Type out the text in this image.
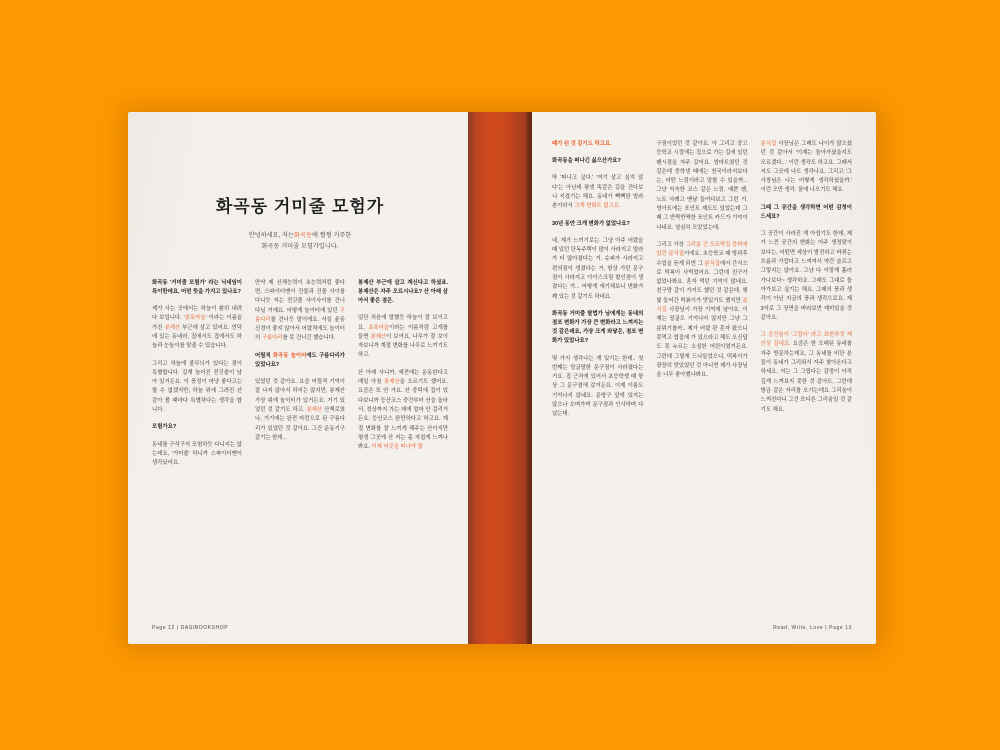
화곡동 거미줄 모험가
안녕하세요, 저는화곡동에 쩔쩡 거주한
화곡동 거미줄 모험가입니다.

화곡동 '거미줄 모험가' 라는 닉네임이 특이한데요, 어떤 뜻을 가지고 있나요?

제가 사는 곳에서는 하늘이 훤히 내려다 보입니다. '봉룩마을' 이라는 이름을 가진 봉제산 부근에 살고 있어요. 언덕에 있는 동네라, 집에서도 집에서도 하늘과 눈높이를 맞출 수 있습니다.

그리고 하늘에 줄무늬가 있다는 점이 특별합니다. 길게 늘어진 전깃줄이 남아 있거든요. 이 풍경이 마냥 좋다고는 할 수 없겠지만, 하늘 위에 그려진 선 같아 볼 때마다 특별하다는 생각을 합니다.

모험가요?

동네를 구석구석 모험하듯 다니지는 않는데요, '거미줄' 하니까 스파이더맨이 생각났어요.

만약 제 신체능력이 초능력처럼 좋다면, 스파이더맨이 건물과 건물 사이를 다니듯 저는 전깃줄 사이사이를 건너 다닐 거예요. 어떻게 놀이터에 있던 구름다리를 건너듯 말이에요. 사실 윤동 신경이 좋지 않아서 어렸적에도 놀이터의 구름다리를 못 건너긴 했습니다.

어릴적 화곡동 놀이터에도 구름다리가 있었나요?

있었던 것 같아요. 요즘 어릴적 기억이 잘 나지 않아서 하지는 않지만, 봉제산 가장 위에 놀이터가 있거든요. 거기 있었던 것 같기도 하고. 봉제산 산책로였나, 거기에는 완전 마련으로 된 구름다리가 있었던 것 같아요. 그건 운동기구 같기는 한데...

봉제산 부근에 살고 계신다고 하셨죠. 봉제산은 자주 오르시나요? 산 아래 살아서 좋은 점은.

일단 처음에 말했듯 하늘이 잘 보이고요, 초록마을이라는 이름처럼 고개를 들면 봉제산이 보여요, 나무가 잘 보이자보니까 계절 변화를 나무로 느끼기도 하고.

산 아래 사니까, 예전에는 운동한다고 매일 아침 봉제산을 오르기도 했어요. 요즘은 또 안 가요. 산 중턱에 집이 있다보니까 등산코스 중간부터 산을 올라서, 정상까지 가는 데에 얼마 안 걸리거든요. 등산코스 완만하다고 하고요. 계절 변화를 잘 느끼게 해주는 산이지만 평생 그곳에 산 저는 좀 지겹게 느껴나봐요. 이제 어곳을 떠나야 할

Page 12 | DASIBOOKSHOP

때가 된 것 같기도 하고요.

화곡동을 떠나긴 싫으산가요?

딱 '떠나고 싶다.' '여기 살고 싶지 않다'는 아닌데 평생 똑같은 길을 건다보니 지겹기는 해요. 동네가 빽빽한 빌라촌이라서 크게 변화도 없고요.

30년 동안 크게 변화가 없었나요?

네, 제가 느끼기로는. 그냥 아주 어렸을 때 있던 단독주택이 많이 사라지고 빌라가 더 많아졌다는 거. 슈퍼가 사라지고 편의점이 생겼다는 거, 항상 가던 문구점이 사라지고 아이스크림 할인점이 생겼다는 거... 어떻게 얘기해보니 변화가 꽤 있는 것 같기도 하네요.

화곡동 거미줄 탈법가 님에게는 동네의 점포 변화가 가장 큰 변화라고 느껴지는 것 같은데요, 가장 크게 와닿은, 점포 변화가 있었나요?

몇 가지 생각나는 게 있기는 한데.. 첫 번째는 망글말한 문구점이 사라졌다는 거요. 집 근처에 있어서 초등학생 때 항상 그 문구점에 갔거든요. 이제 이름도 기억나지 않네요. 문방구 앞에 있지는 않으나 오며가며 문구점과 인사하며 다녔는데.

구점이었던 것 같아요. 아 그리고 중고등학교 시절에는 집으로 가는 길에 있던 팬시점을 자주 갔어요. 엄마트였던 것 같은데 중학생 때에는 천국이라지보다는, 어떤 느낌이라고 말할 수 있을까... 그냥 익숙한 코스 같은 느낌. 예쁜 펜, 노트 사례고 맨날 들여다보고 그런 거. 영아트에는 포인트 제도도 있었는데 그때 그 반짝반짝한 포인트 카드가 기억이 나네요. 열심히 모았었는데.

그리고 가장 그리운 건 모르막길 중턱에 있던 분식집이에요. 초등학교 때 방과후 수업을 듣게 되면 그 분식집에서 간식으로 떡복이 사먹었어요. 그런데 친구가 없었나봐요. 혼자 먹던 기억이 많네요. 친구랑 같이 가거도 했던 것 같은데. 햇빛 들어간 떡볶이가 맛있기도 했지만 분식집 사장님이 가장 기억에 남아요. 이제는 얼굴도 기억나지 않지만 그냥 그 분위기를까.. 제가 어렸 판 혼자 왔으니 못먹고 엽집에 가 있으라고 해도 오신답도 못 누르는 소심한 어린이였거든요. 그런데 그렇게 드나들었으니, 떡복이가 광장히 맛있었던 것 아니면 제가 사장님을 너무 좋아했나봐요.

분식집 사장님은 그래도 나이가 많으셨던 것 같아서 '이제는 돌아가셨을지도 모르겠다...' 이런 생각도 하고요. 그래서 저도 그곳에 나도 생각나요. 그리고 '그 사장님은 나는 어떻게 생각하셨을까.' 이런 오만 생각. 꿈에 나오기도 해요.

그때 그 공간을 생각하면 어떤 감정이 드세요?

그 공간이 사라진 게 아쉽기도 한데, 제가 느낀 공간의 변화는 아주 생정맞기 보다는, 어떤면 세상이 발전하고 바뀌는 흐름과 가깝다고 느껴져서 약간 슬프고 그렇지는 않아요. 그냥 다 이렇게 흘러가나보다~ 생각하죠. 그래도 그대로 돌아가보고 싶기는 해요. 그때의 풍과 생각이 아닌 지금의 풍과 생각으로요. 제 3자로 그 장면을 바라보면 재미있을 것 같아요.

그 공간들이 '그립다' 라고 표현하것 게 인상 깊네요. 요즘은 한 오래된 동네를 자주 방문하는데요, 그 동네를 비단 본들이 동네가 그리워서 자주 찾아온다고 하세요. 저는 그 그립다는 감정이 아직 깊게 느껴보지 못한 것 같아도, 그런데 방금 같은 자리를 오가는데요 그리움이 느껴진다니 그건 또다른 그리움일 것 같기도 해요.

Read, Write, Love | Page 13
